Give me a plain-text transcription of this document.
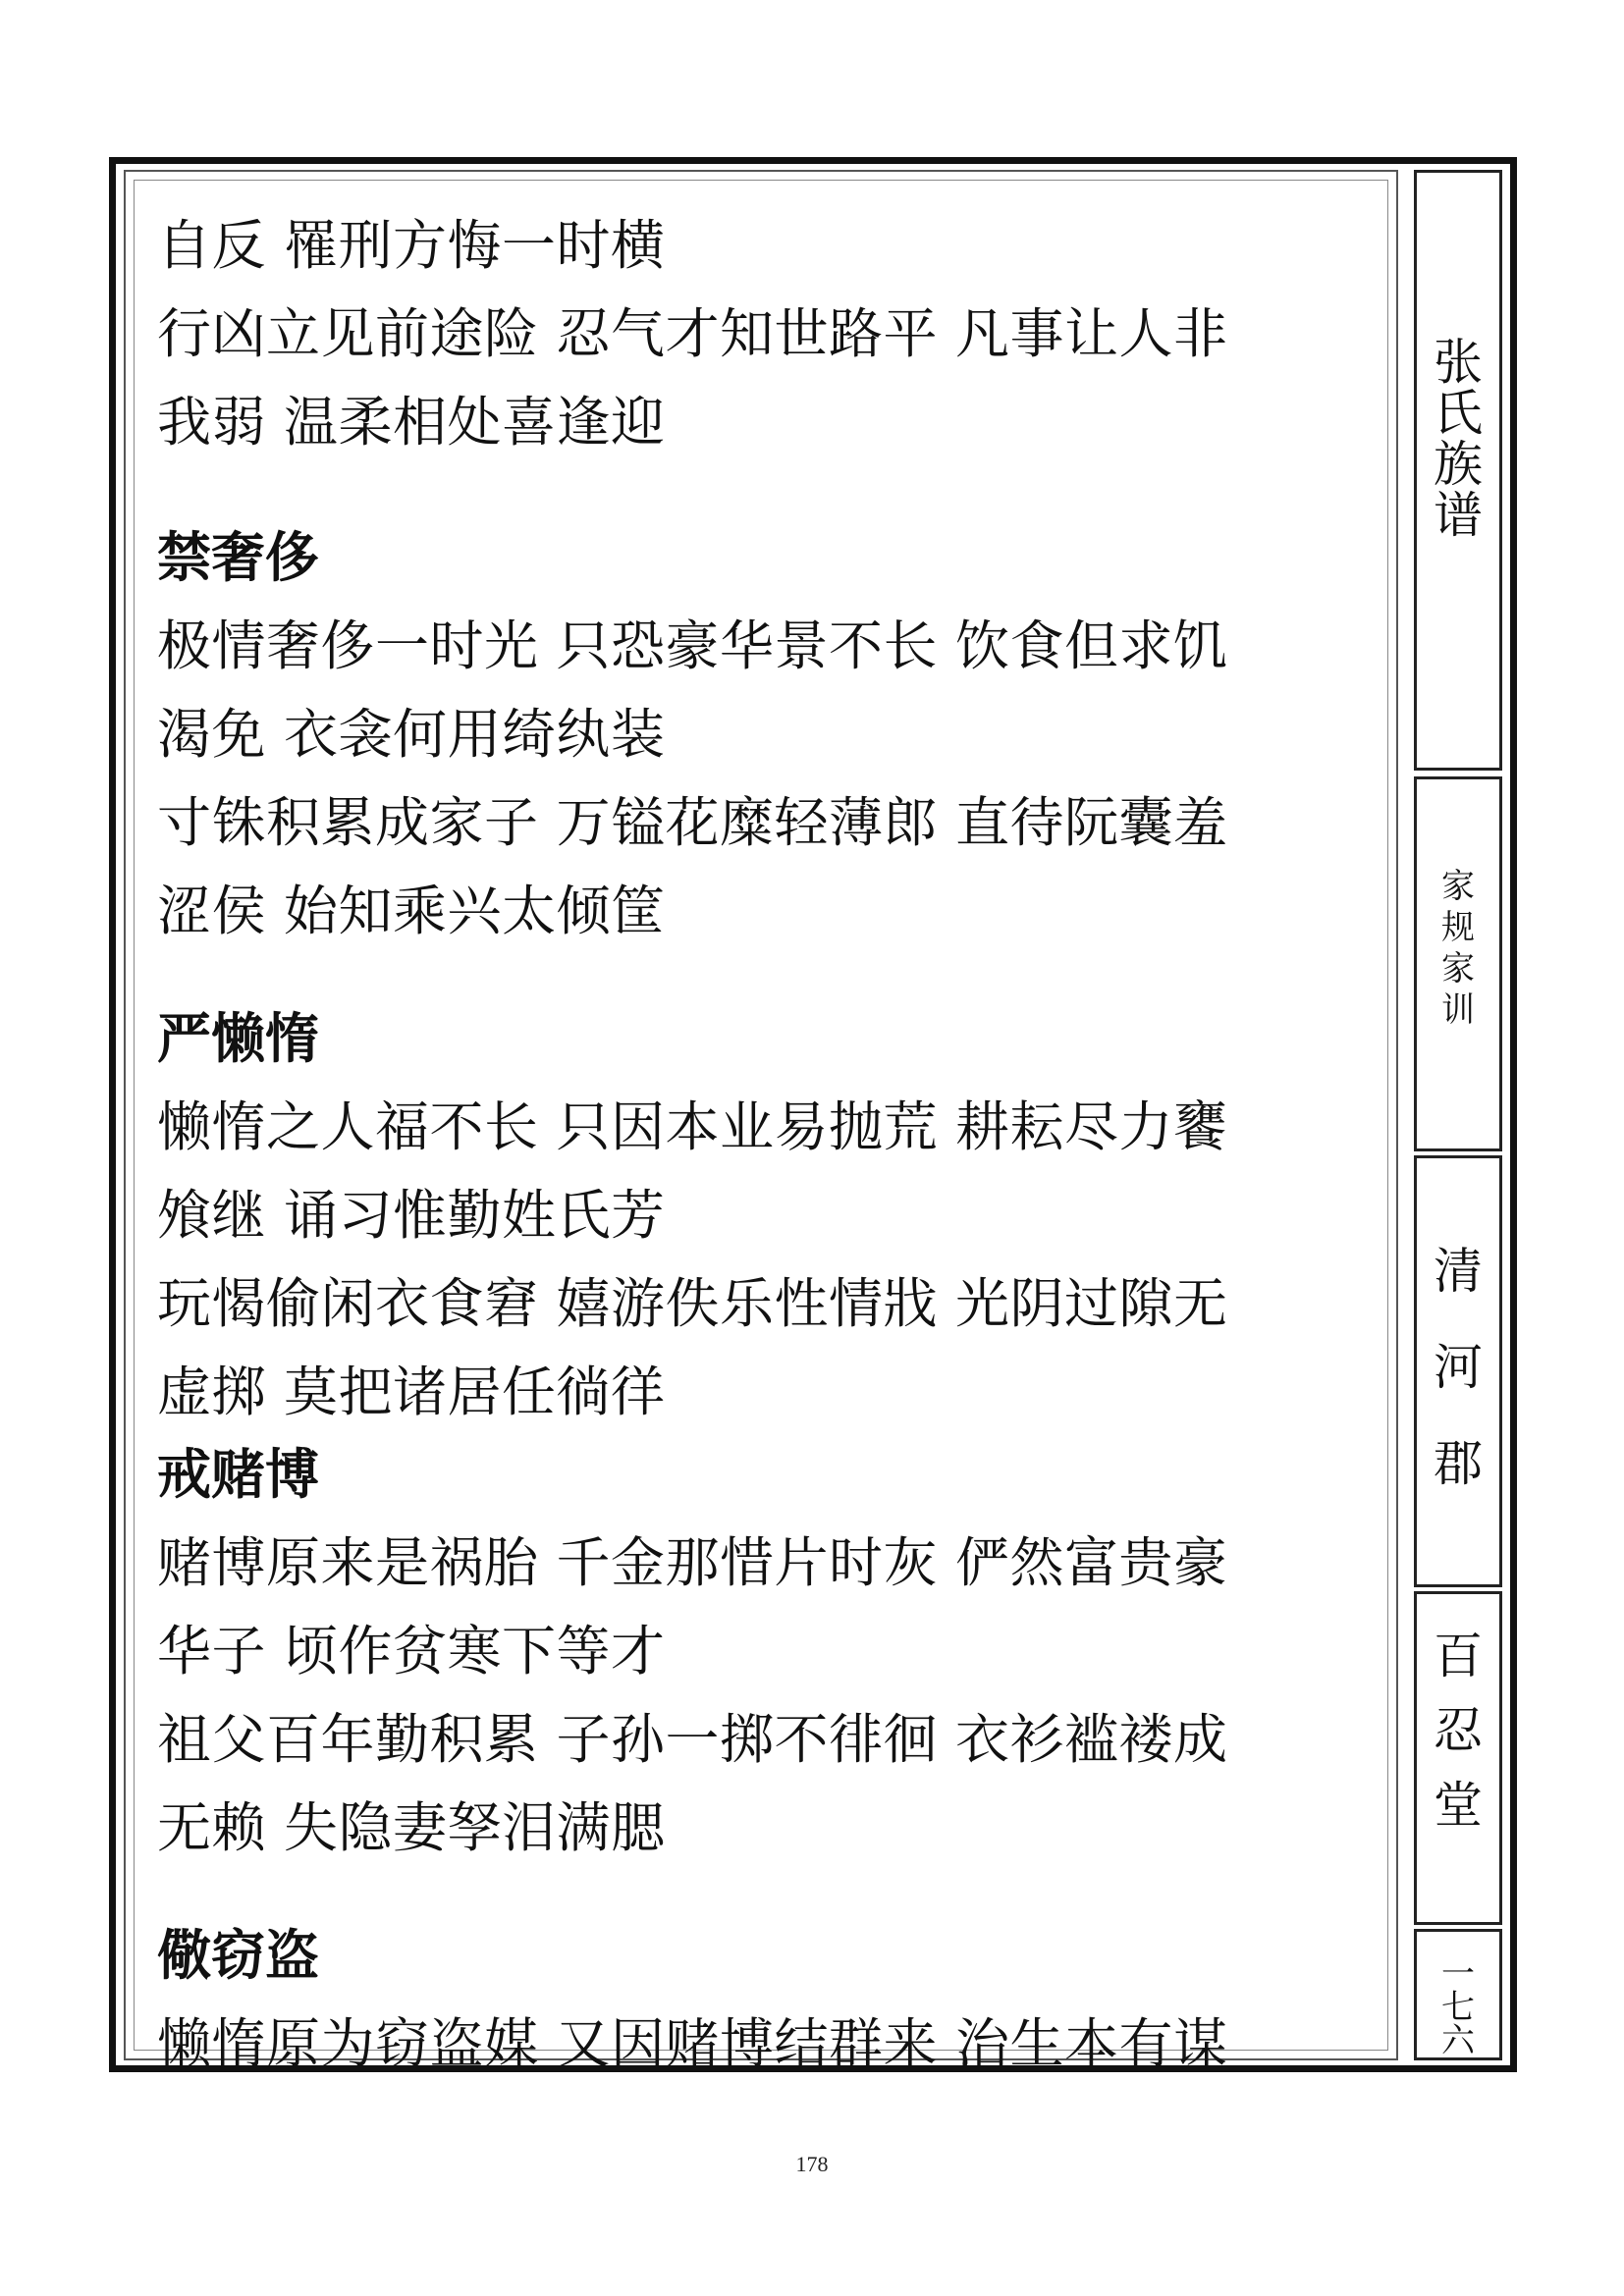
自反 罹刑方悔一时横
行凶立见前途险 忍气才知世路平 凡事让人非
我弱 温柔相处喜逢迎
禁奢侈
极情奢侈一时光 只恐豪华景不长 饮食但求饥
渴免 衣衾何用绮纨装
寸铢积累成家子 万镒花糜轻薄郎 直待阮囊羞
涩侯 始知乘兴太倾筐
严懒惰
懒惰之人福不长 只因本业易抛荒 耕耘尽力饔
飧继 诵习惟勤姓氏芳
玩愒偷闲衣食窘 嬉游佚乐性情戕 光阴过隙无
虚掷 莫把诸居任徜徉
戒赌博
赌博原来是祸胎 千金那惜片时灰 俨然富贵豪
华子 顷作贫寒下等才
祖父百年勤积累 子孙一掷不徘徊 衣衫褴褛成
无赖 失隐妻孥泪满腮
儆窃盗
懒惰原为窃盗媒 又因赌博结群来 治生本有谋
张
氏
族
谱
家
规
家
训
清
河
郡
百
忍
堂
一
七
六
178
